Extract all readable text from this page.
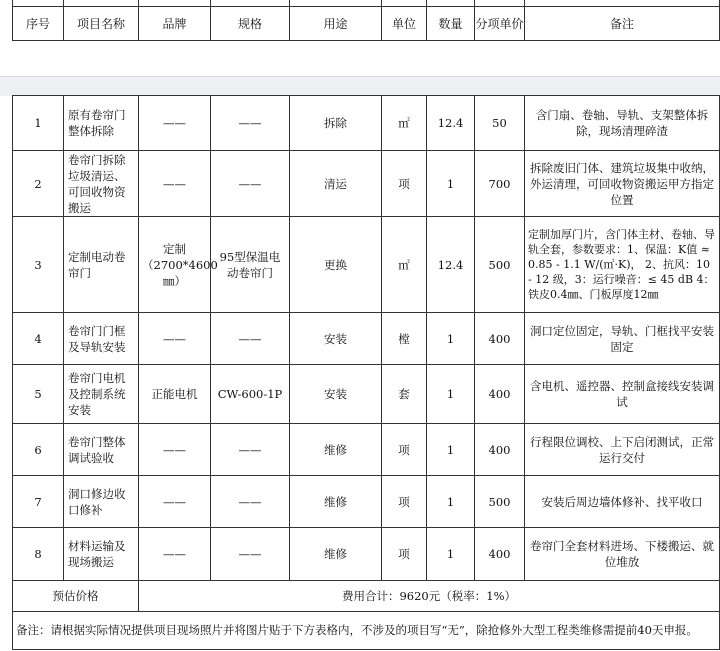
序号	项目名称	品牌	规格	用途	单位	数量	分项单价	备注
1	原有卷帘门整体拆除	——	——	拆除	㎡	12.4	50	含门扇、卷轴、导轨、支架整体拆除，现场清理碎渣
2	卷帘门拆除垃圾清运、可回收物资搬运	——	——	清运	项	1	700	拆除废旧门体、建筑垃圾集中收纳，外运清理，可回收物资搬运甲方指定位置
3	定制电动卷帘门	定制（2700*4600㎜）	95型保温电动卷帘门	更换	㎡	12.4	500	定制加厚门片，含门体主材、卷轴、导轨全套，参数要求：1、保温：K值 ≈ 0.85 - 1.1 W/(㎡·K)， 2、抗风：10 - 12 级，3：运行噪音：≤ 45 dB 4：铁皮0.4㎜、门板厚度12㎜
4	卷帘门门框及导轨安装	——	——	安装	樘	1	400	洞口定位固定，导轨、门框找平安装固定
5	卷帘门电机及控制系统安装	正能电机	CW-600-1P	安装	套	1	400	含电机、遥控器、控制盒接线安装调试
6	卷帘门整体调试验收	——	——	维修	项	1	400	行程限位调校、上下启闭测试，正常运行交付
7	洞口修边收口修补	——	——	维修	项	1	500	安装后周边墙体修补、找平收口
8	材料运输及现场搬运	——	——	维修	项	1	400	卷帘门全套材料进场、下楼搬运、就位堆放
预估价格		费用合计：9620元（税率：1%）						
备注：请根据实际情况提供项目现场照片并将图片贴于下方表格内，不涉及的项目写“无”，除抢修外大型工程类维修需提前40天申报。								
